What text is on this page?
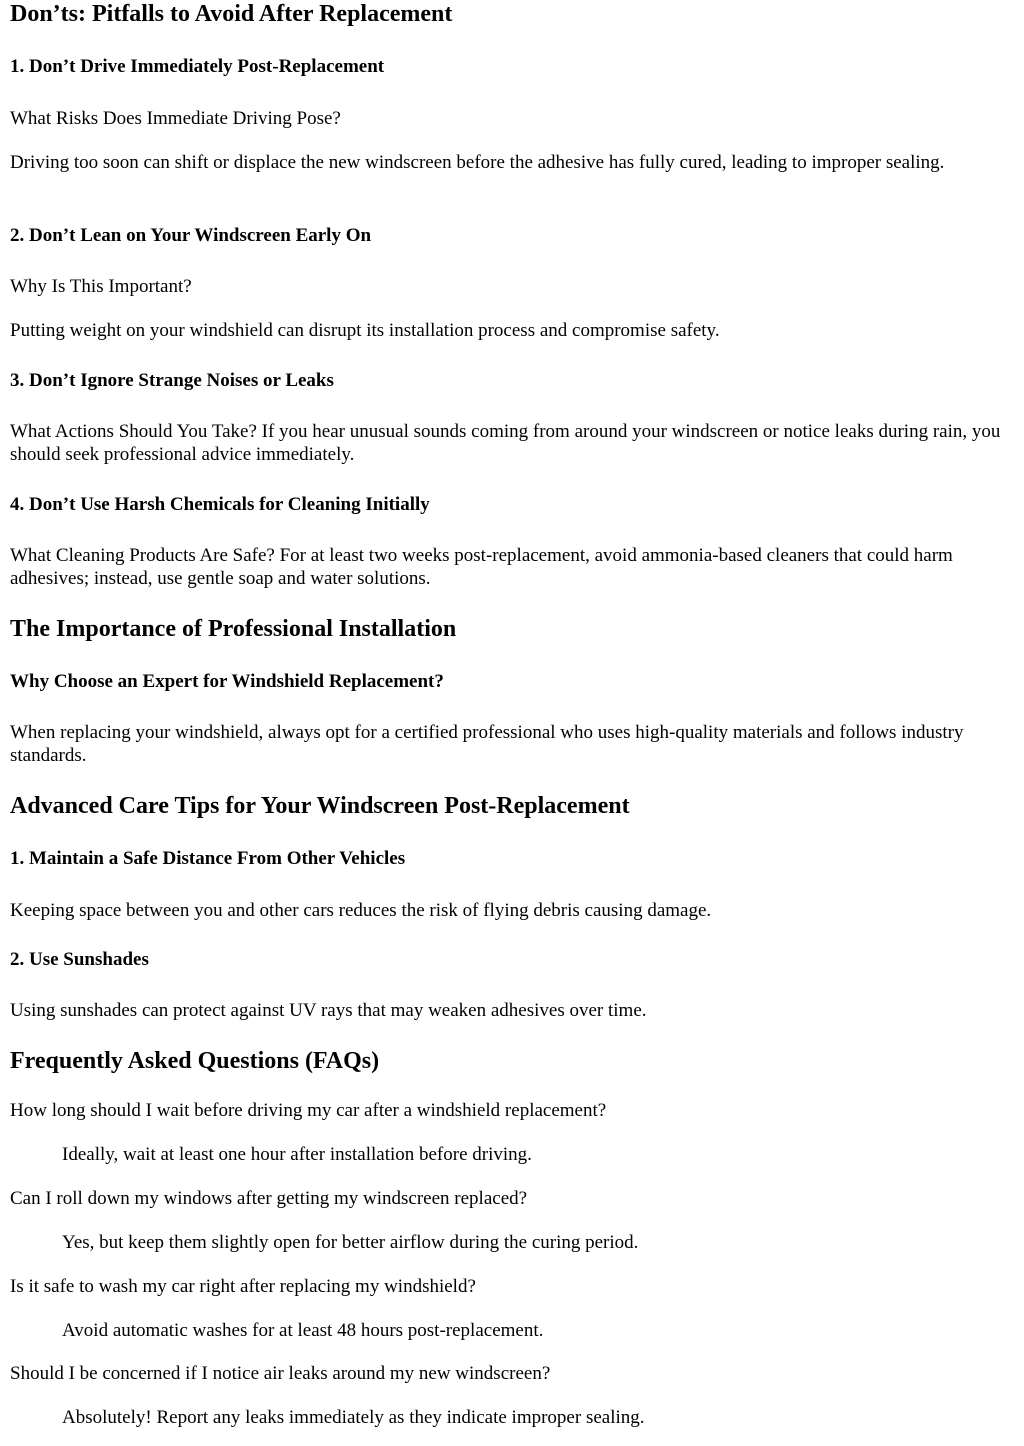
Don’ts: Pitfalls to Avoid After Replacement
1. Don’t Drive Immediately Post-Replacement

What Risks Does Immediate Driving Pose?

Driving too soon can shift or displace the new windscreen before the adhesive has fully cured, leading to improper sealing.

2. Don’t Lean on Your Windscreen Early On

Why Is This Important?

Putting weight on your windshield can disrupt its installation process and compromise safety.

3. Don’t Ignore Strange Noises or Leaks

What Actions Should You Take? If you hear unusual sounds coming from around your windscreen or notice leaks during rain, you should seek professional advice immediately.

4. Don’t Use Harsh Chemicals for Cleaning Initially

What Cleaning Products Are Safe? For at least two weeks post-replacement, avoid ammonia-based cleaners that could harm adhesives; instead, use gentle soap and water solutions.

The Importance of Professional Installation
Why Choose an Expert for Windshield Replacement?

When replacing your windshield, always opt for a certified professional who uses high-quality materials and follows industry standards.

Advanced Care Tips for Your Windscreen Post-Replacement
1. Maintain a Safe Distance From Other Vehicles

Keeping space between you and other cars reduces the risk of flying debris causing damage.

2. Use Sunshades

Using sunshades can protect against UV rays that may weaken adhesives over time.

Frequently Asked Questions (FAQs)

How long should I wait before driving my car after a windshield replacement?

Ideally, wait at least one hour after installation before driving.

Can I roll down my windows after getting my windscreen replaced?

Yes, but keep them slightly open for better airflow during the curing period.

Is it safe to wash my car right after replacing my windshield?

Avoid automatic washes for at least 48 hours post-replacement.

Should I be concerned if I notice air leaks around my new windscreen?

Absolutely! Report any leaks immediately as they indicate improper sealing.
